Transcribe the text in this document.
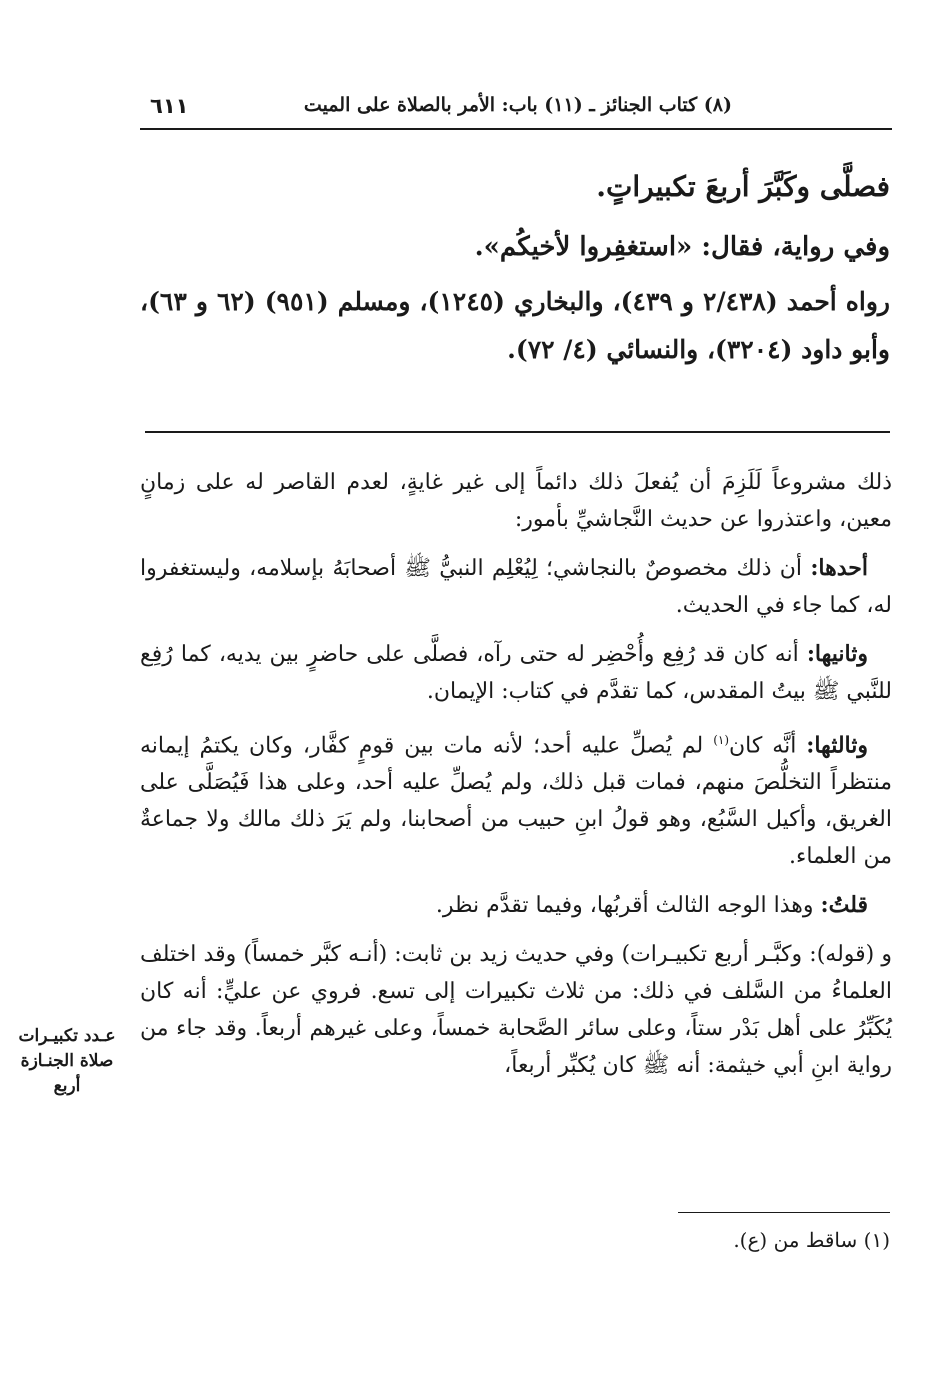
(٨) كتاب الجنائز ـ (١١) باب: الأمر بالصلاة على الميت
٦١١

فصلَّى وكَبَّرَ أربعَ تكبيراتٍ.

وفي رواية، فقال: «استغفِروا لأخيكُم».

رواه أحمد (٢/٤٣٨ و ٤٣٩)، والبخاري (١٢٤٥)، ومسلم (٩٥١) (٦٢ و ٦٣)، وأبو داود (٣٢٠٤)، والنسائي (٤/ ٧٢).

ذلك مشروعاً لَلَزِمَ أن يُفعلَ ذلك دائماً إلى غير غايةٍ، لعدم القاصر له على زمانٍ معين، واعتذروا عن حديث النَّجاشيِّ بأمور:

أحدها: أن ذلك مخصوصٌ بالنجاشي؛ لِيُعْلِم النبيُّ ﷺ أصحابَهُ بإسلامه، وليستغفروا له، كما جاء في الحديث.

وثانيها: أنه كان قد رُفِع وأُحْضِر له حتى رآه، فصلَّى على حاضرٍ بين يديه، كما رُفِع للنَّبي ﷺ بيتُ المقدس، كما تقدَّم في كتاب: الإيمان.

وثالثها: أنَّه كان$^{(١)}$ لم يُصلِّ عليه أحد؛ لأنه مات بين قومٍ كفَّار، وكان يكتمُ إيمانه منتظراً التخلُّصَ منهم، فمات قبل ذلك، ولم يُصلِّ عليه أحد، وعلى هذا فَيُصَلَّى على الغريق، وأكيل السَّبُع، وهو قولُ ابنِ حبيب من أصحابنا، ولم يَرَ ذلك مالك ولا جماعةٌ من العلماء.

قلتُ: وهذا الوجه الثالث أقربُها، وفيما تقدَّم نظر.

و (قوله): وكبَّـر أربع تكبيـرات) وفي حديث زيد بن ثابت: (أنـه كبَّر خمساً) وقد اختلف العلماءُ من السَّلف في ذلك: من ثلاث تكبيرات إلى تسع. فروي عن عليٍّ: أنه كان يُكَبِّرُ على أهل بَدْر ستاً، وعلى سائر الصَّحابة خمساً، وعلى غيرهم أربعاً. وقد جاء من رواية ابنِ أبي خيثمة: أنه ﷺ كان يُكبِّر أربعاً،

عـدد تكبيـرات
صلاة الجنـازة
أربع
(١) ساقط من (ع).
